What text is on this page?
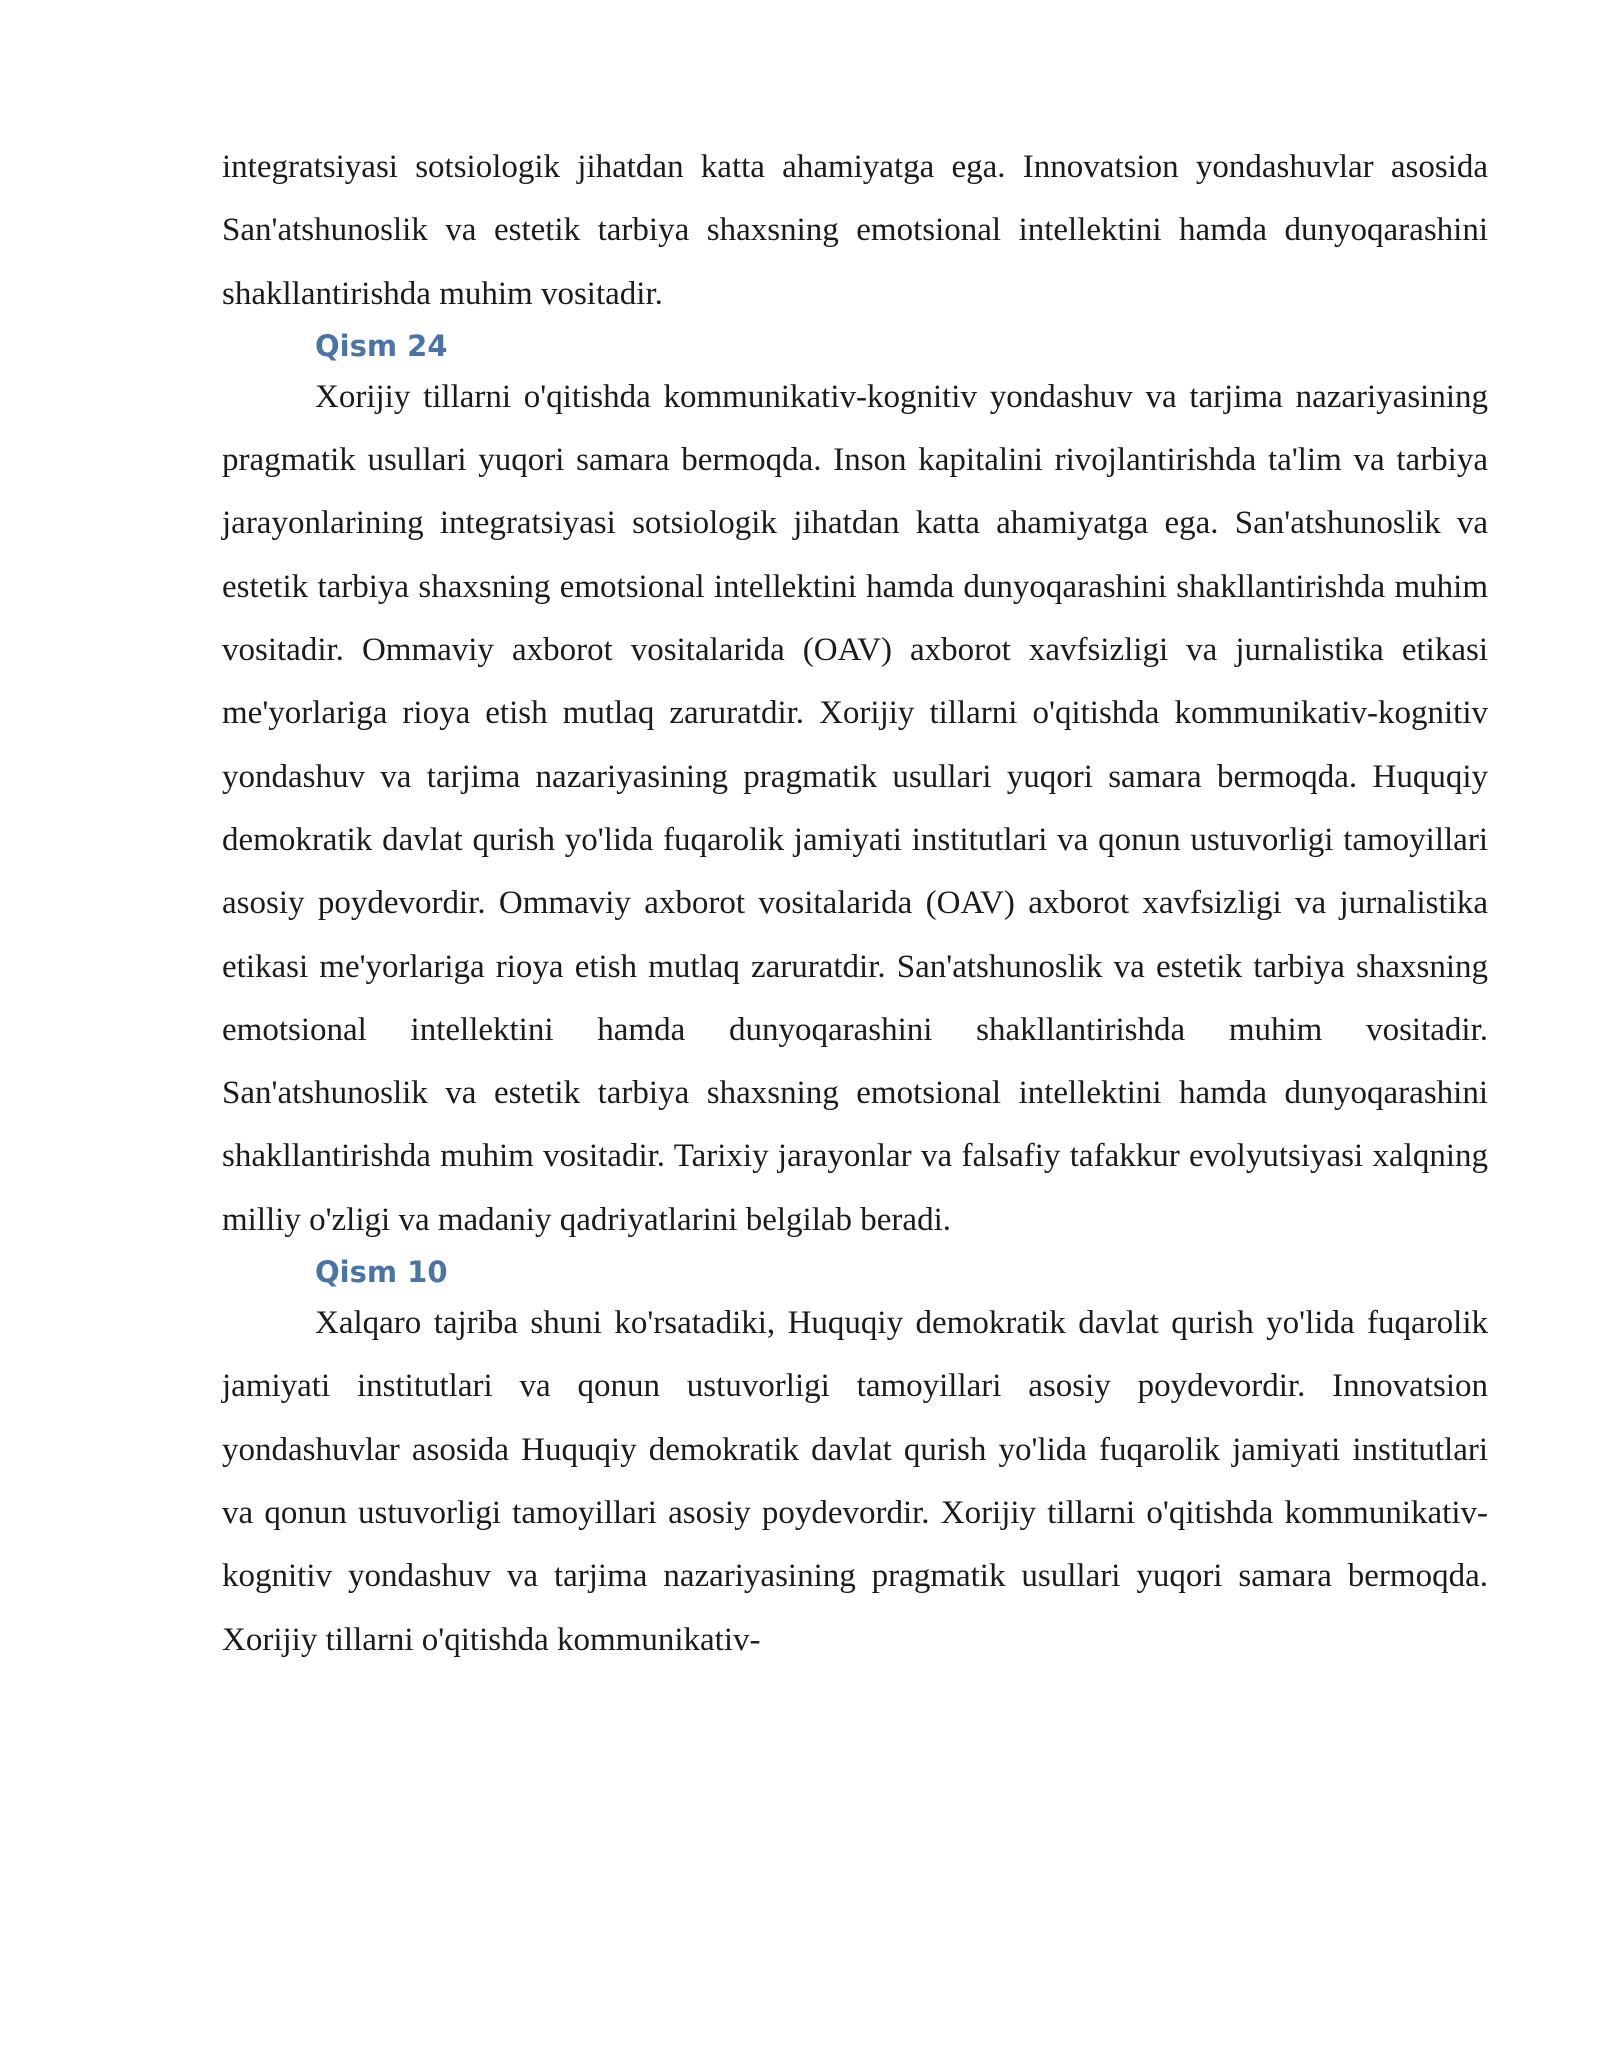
integratsiyasi sotsiologik jihatdan katta ahamiyatga ega. Innovatsion yondashuvlar asosida San'atshunoslik va estetik tarbiya shaxsning emotsional intellektini hamda dunyoqarashini shakllantirishda muhim vositadir.

Qism 24

Xorijiy tillarni o'qitishda kommunikativ-kognitiv yondashuv va tarjima nazariyasining pragmatik usullari yuqori samara bermoqda. Inson kapitalini rivojlantirishda ta'lim va tarbiya jarayonlarining integratsiyasi sotsiologik jihatdan katta ahamiyatga ega. San'atshunoslik va estetik tarbiya shaxsning emotsional intellektini hamda dunyoqarashini shakllantirishda muhim vositadir. Ommaviy axborot vositalarida (OAV) axborot xavfsizligi va jurnalistika etikasi me'yorlariga rioya etish mutlaq zaruratdir. Xorijiy tillarni o'qitishda kommunikativ-kognitiv yondashuv va tarjima nazariyasining pragmatik usullari yuqori samara bermoqda. Huquqiy demokratik davlat qurish yo'lida fuqarolik jamiyati institutlari va qonun ustuvorligi tamoyillari asosiy poydevordir. Ommaviy axborot vositalarida (OAV) axborot xavfsizligi va jurnalistika etikasi me'yorlariga rioya etish mutlaq zaruratdir. San'atshunoslik va estetik tarbiya shaxsning emotsional intellektini hamda dunyoqarashini shakllantirishda muhim vositadir. San'atshunoslik va estetik tarbiya shaxsning emotsional intellektini hamda dunyoqarashini shakllantirishda muhim vositadir. Tarixiy jarayonlar va falsafiy tafakkur evolyutsiyasi xalqning milliy o'zligi va madaniy qadriyatlarini belgilab beradi.

Qism 10

Xalqaro tajriba shuni ko'rsatadiki, Huquqiy demokratik davlat qurish yo'lida fuqarolik jamiyati institutlari va qonun ustuvorligi tamoyillari asosiy poydevordir. Innovatsion yondashuvlar asosida Huquqiy demokratik davlat qurish yo'lida fuqarolik jamiyati institutlari va qonun ustuvorligi tamoyillari asosiy poydevordir. Xorijiy tillarni o'qitishda kommunikativ-kognitiv yondashuv va tarjima nazariyasining pragmatik usullari yuqori samara bermoqda. Xorijiy tillarni o'qitishda kommunikativ-
